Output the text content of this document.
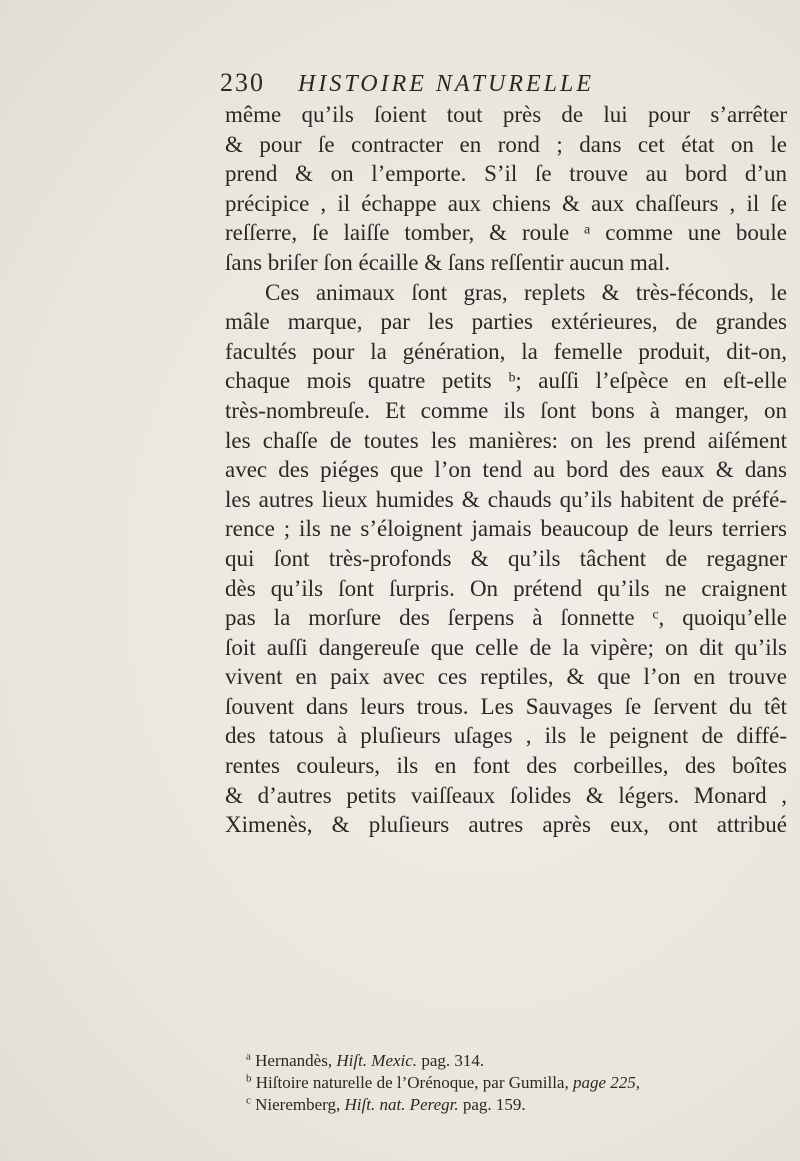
230	HISTOIRE NATURELLE
même qu’ils ſoient tout près de lui pour s’arrêter
& pour ſe contracter en rond ; dans cet état on le
prend & on l’emporte. S’il ſe trouve au bord d’un
précipice , il échappe aux chiens & aux chaſſeurs , il ſe
reſſerre, ſe laiſſe tomber, & roule ᵃ comme une boule
ſans briſer ſon écaille & ſans reſſentir aucun mal.
Ces animaux ſont gras, replets & très-féconds, le
mâle marque, par les parties extérieures, de grandes
facultés pour la génération, la femelle produit, dit-on,
chaque mois quatre petits ᵇ; auſſi l’eſpèce en eſt-elle
très-nombreuſe. Et comme ils ſont bons à manger, on
les chaſſe de toutes les manières: on les prend aiſément
avec des piéges que l’on tend au bord des eaux & dans
les autres lieux humides & chauds qu’ils habitent de préfé-
rence ; ils ne s’éloignent jamais beaucoup de leurs terriers
qui ſont très-profonds & qu’ils tâchent de regagner
dès qu’ils ſont ſurpris. On prétend qu’ils ne craignent
pas la morſure des ſerpens à ſonnette ᶜ, quoiqu’elle
ſoit auſſi dangereuſe que celle de la vipère; on dit qu’ils
vivent en paix avec ces reptiles, & que l’on en trouve
ſouvent dans leurs trous. Les Sauvages ſe ſervent du têt
des tatous à pluſieurs uſages , ils le peignent de diffé-
rentes couleurs, ils en font des corbeilles, des boîtes
& d’autres petits vaiſſeaux ſolides & légers. Monard ,
Ximenès, & pluſieurs autres après eux, ont attribué
$^a$ Hernandès, Hiſt. Mexic. pag. 314.
$^b$ Hiſtoire naturelle de l’Orénoque, par Gumilla, page 225,
$^c$ Nieremberg, Hiſt. nat. Peregr. pag. 159.
